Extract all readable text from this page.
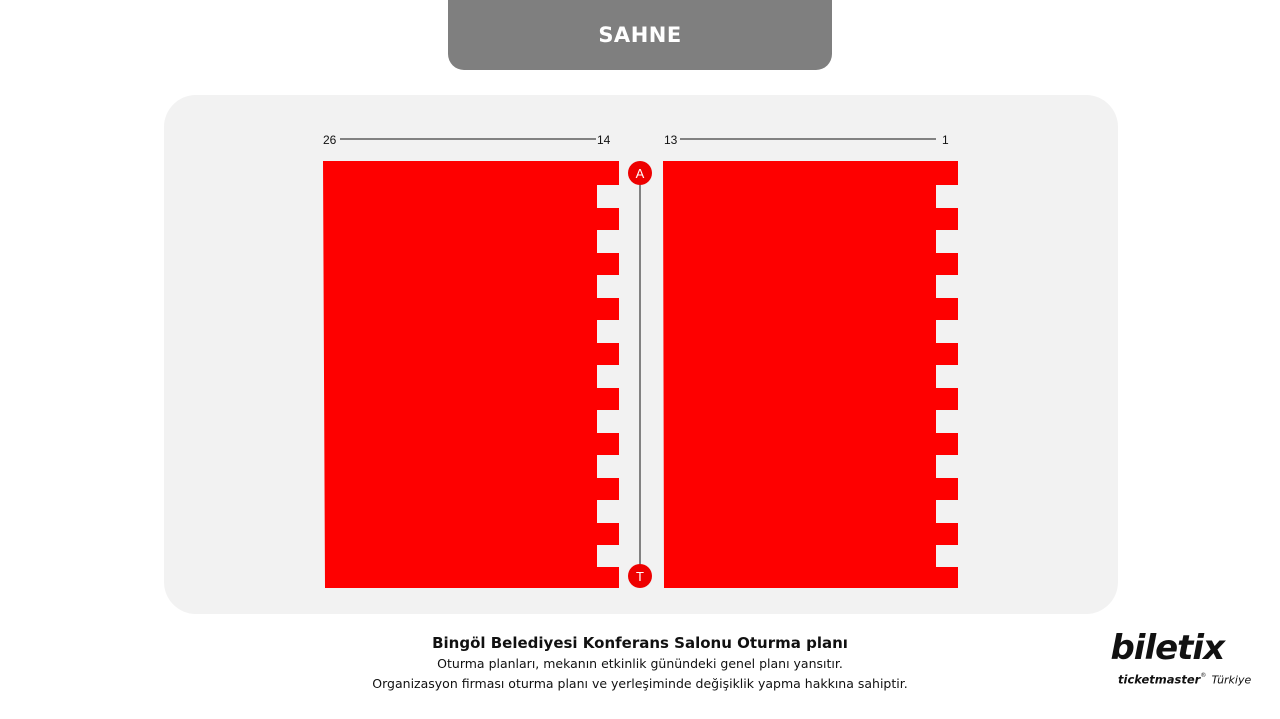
SAHNE
26	14	13	1
A
T
Bingöl Belediyesi Konferans Salonu Oturma planı
Oturma planları, mekanın etkinlik günündeki genel planı yansıtır.
Organizasyon firması oturma planı ve yerleşiminde değişiklik yapma hakkına sahiptir.
biletix
ticketmaster® Türkiye
